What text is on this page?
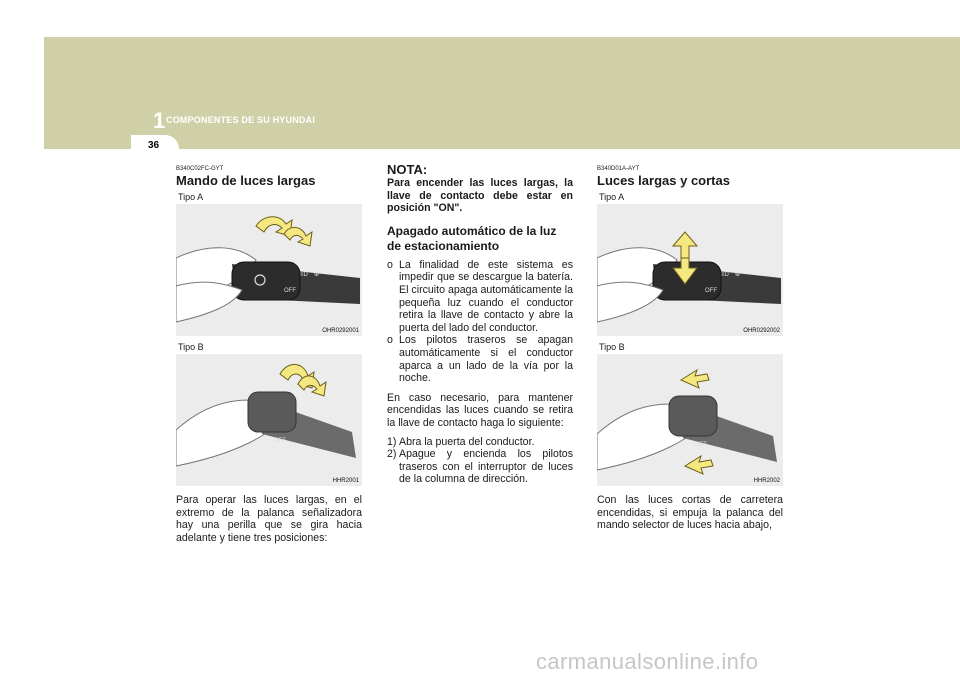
1 COMPONENTES DE SU HYUNDAI
36
B340C02FC-GYT
Mando de luces largas
Tipo A
≡D ⊕
OFF
OHR0292001
Tipo B
OFF
HHR2001
Para operar las luces largas, en el extremo de la palanca señalizadora hay una perilla que se gira hacia adelante y tiene tres posiciones:
NOTA:
Para encender las luces largas, la llave de contacto debe estar en posición "ON".
Apagado automático de la luz de estacionamiento
o La finalidad de este sistema es impedir que se descargue la batería. El circuito apaga automáticamente la pequeña luz cuando el conductor retira la llave de contacto y abre la puerta del lado del conductor.
o Los pilotos traseros se apagan automáticamente si el conductor aparca a un lado de la vía por la noche.
En caso necesario, para mantener encendidas las luces cuando se retira la llave de contacto haga lo siguiente:
1) Abra la puerta del conductor.
2) Apague y encienda los pilotos traseros con el interruptor de luces de la columna de dirección.
B340D01A-AYT
Luces largas y cortas
Tipo A
≡D ⊕
OFF
OHR0292002
Tipo B
OFF
HHR2002
Con las luces cortas de carretera encendidas, si empuja la palanca del mando selector de luces hacia abajo,
carmanualsonline.info
